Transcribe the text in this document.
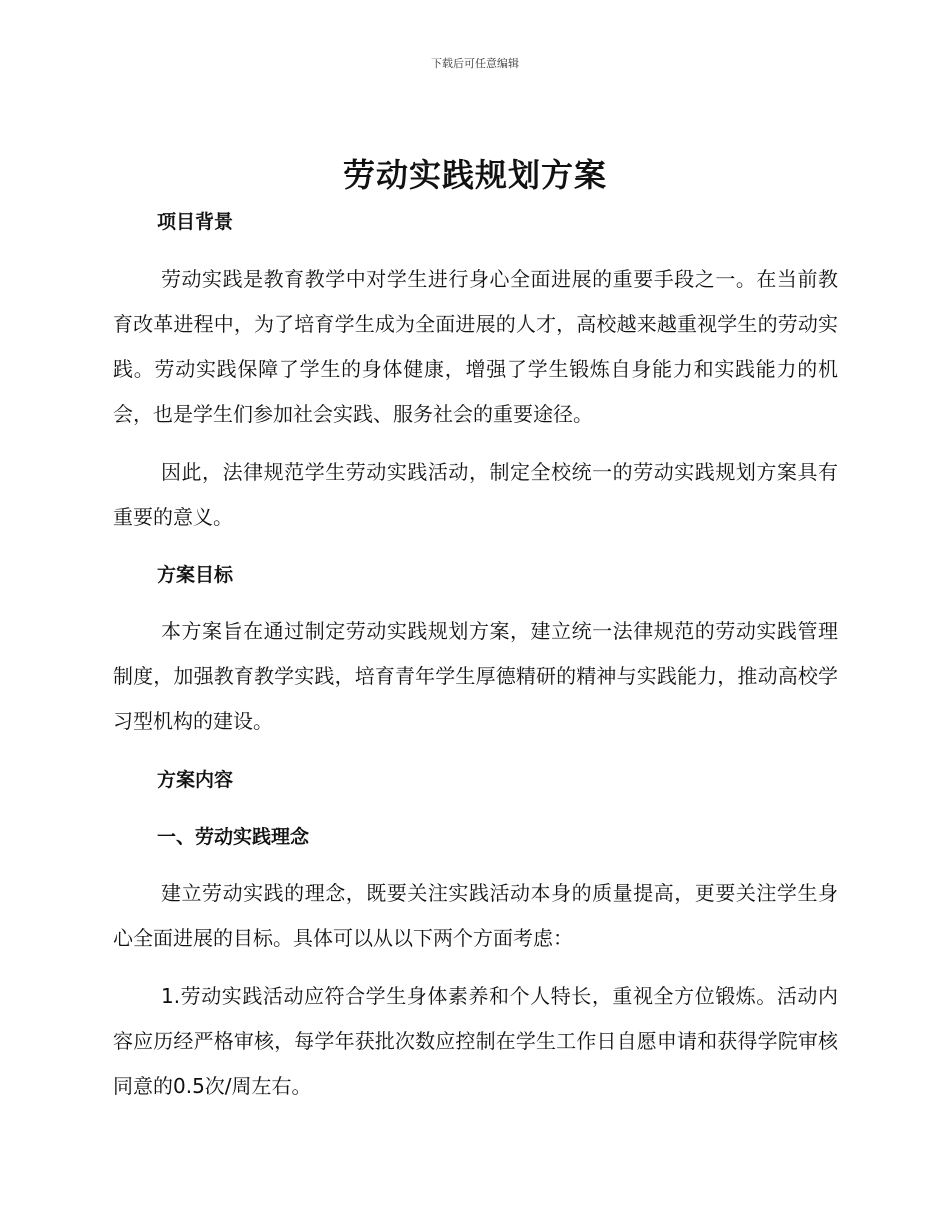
下载后可任意编辑
劳动实践规划方案
项目背景

劳动实践是教育教学中对学生进行身心全面进展的重要手段之一。在当前教育改革进程中，为了培育学生成为全面进展的人才，高校越来越重视学生的劳动实践。劳动实践保障了学生的身体健康，增强了学生锻炼自身能力和实践能力的机会，也是学生们参加社会实践、服务社会的重要途径。

因此，法律规范学生劳动实践活动，制定全校统一的劳动实践规划方案具有重要的意义。

方案目标

本方案旨在通过制定劳动实践规划方案，建立统一法律规范的劳动实践管理制度，加强教育教学实践，培育青年学生厚德精研的精神与实践能力，推动高校学习型机构的建设。

方案内容
一、劳动实践理念

建立劳动实践的理念，既要关注实践活动本身的质量提高，更要关注学生身心全面进展的目标。具体可以从以下两个方面考虑：

1.劳动实践活动应符合学生身体素养和个人特长，重视全方位锻炼。活动内容应历经严格审核，每学年获批次数应控制在学生工作日自愿申请和获得学院审核同意的0.5次/周左右。
